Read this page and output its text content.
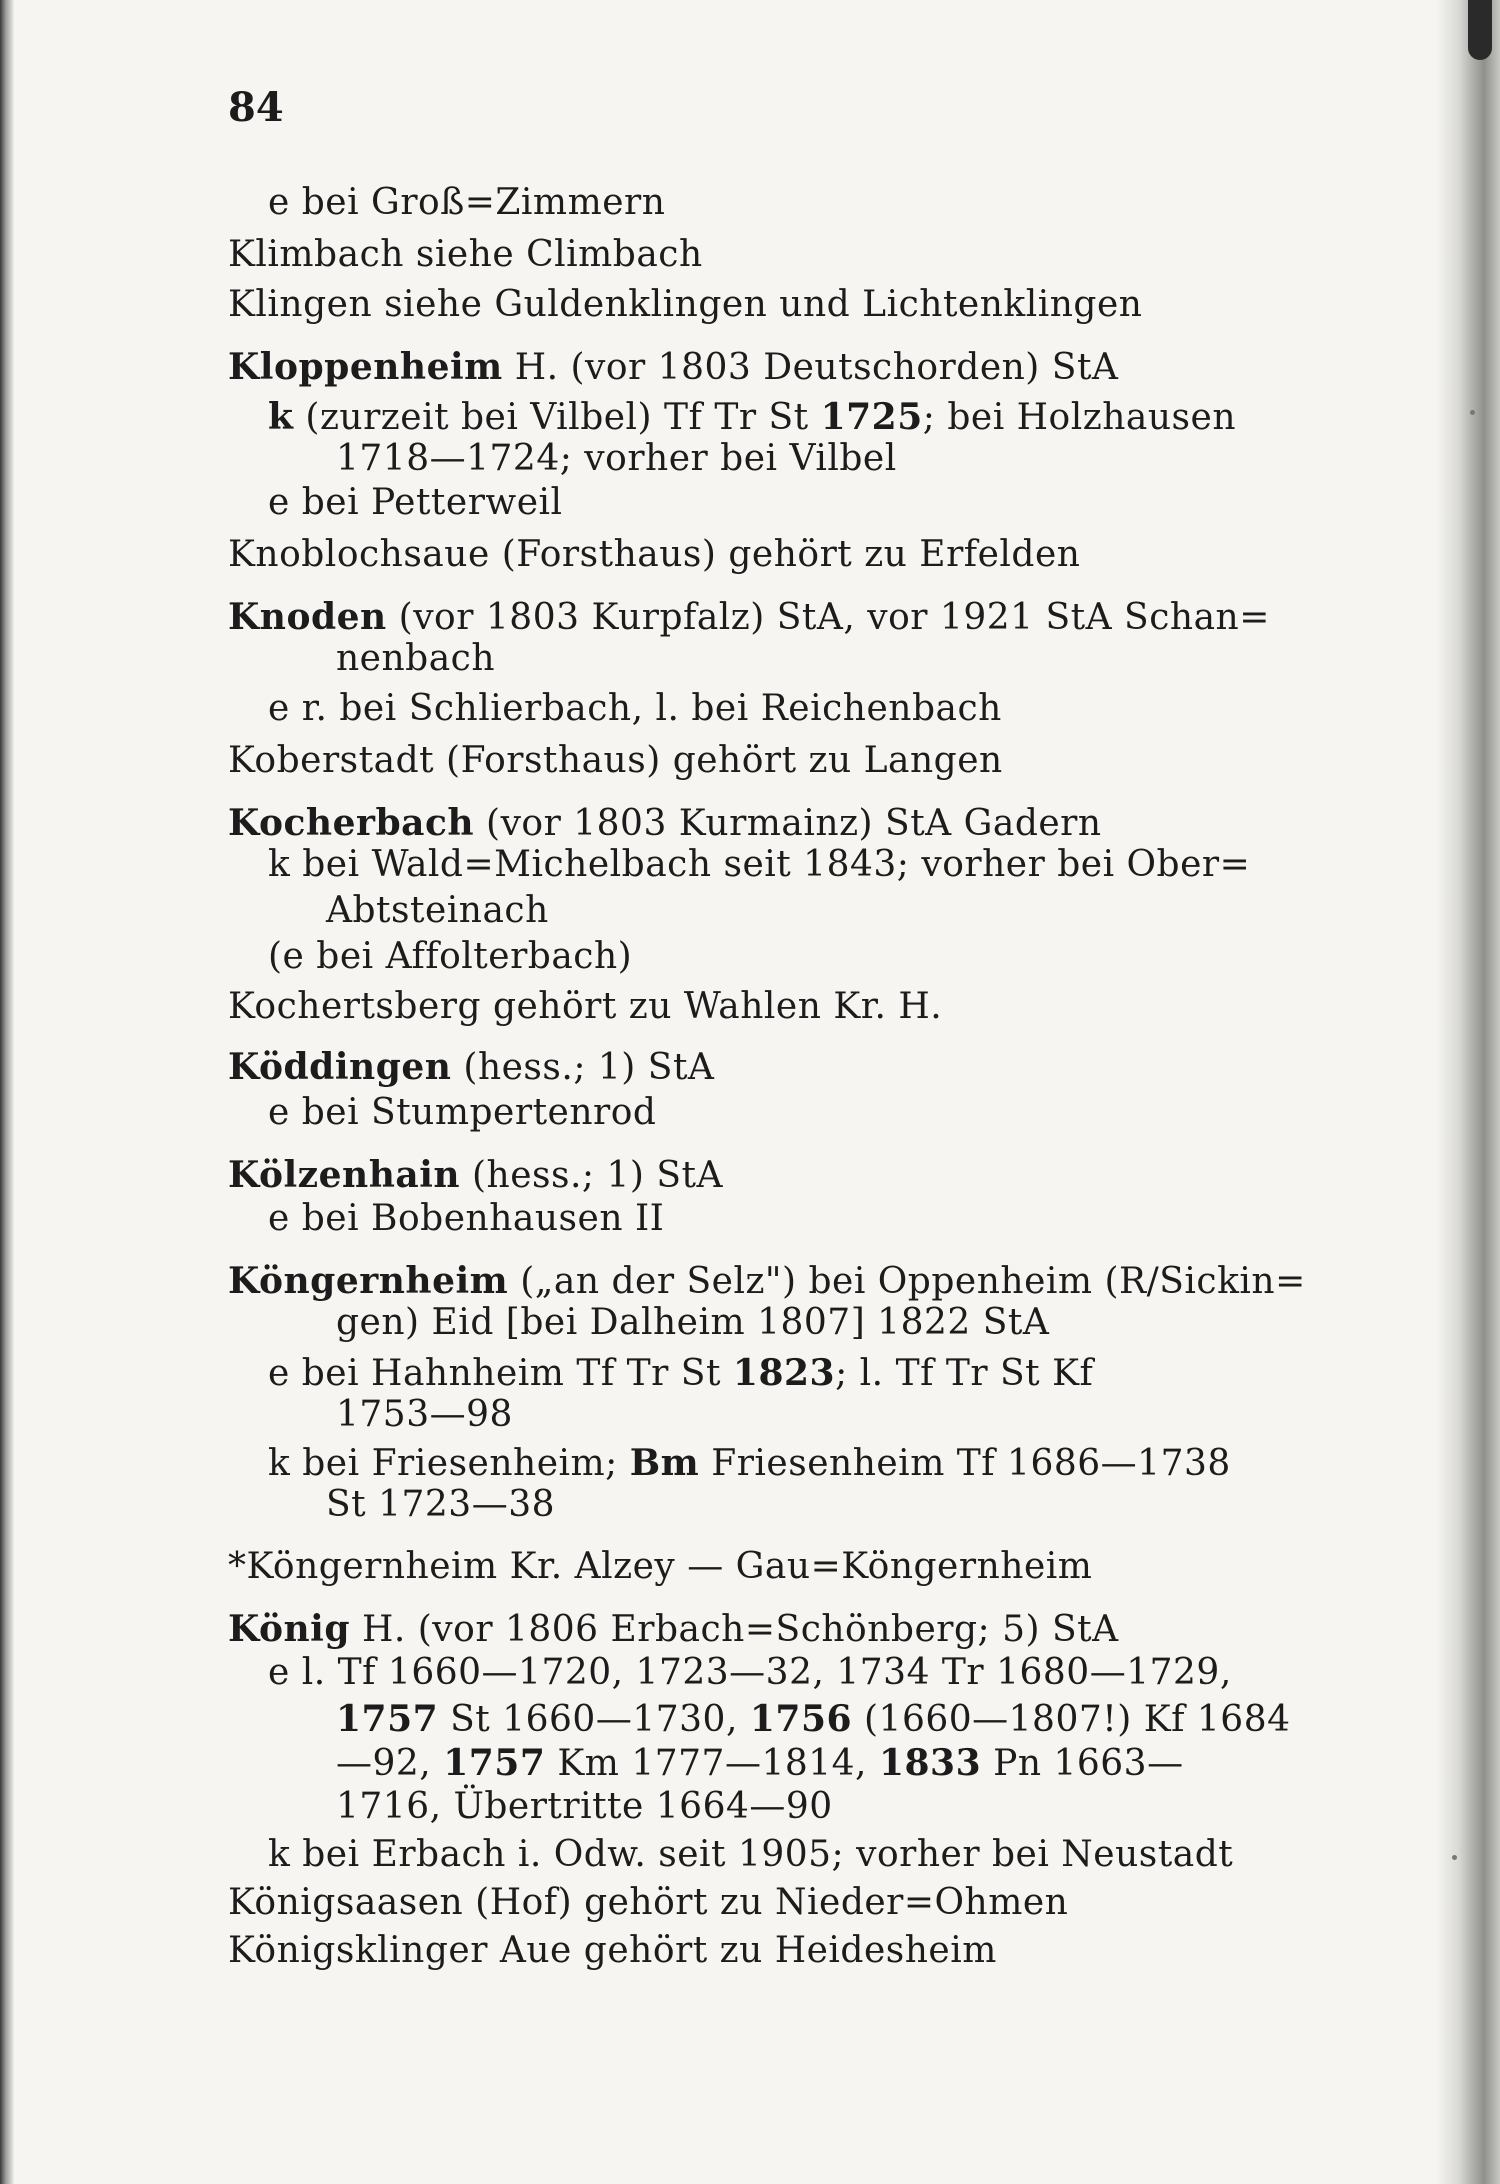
84
e bei Groß=Zimmern
Klimbach siehe Climbach
Klingen siehe Guldenklingen und Lichtenklingen
Kloppenheim H. (vor 1803 Deutschorden) StA
k (zurzeit bei Vilbel) Tf Tr St 1725; bei Holzhausen
1718—1724; vorher bei Vilbel
e bei Petterweil
Knoblochsaue (Forsthaus) gehört zu Erfelden
Knoden (vor 1803 Kurpfalz) StA, vor 1921 StA Schan=
nenbach
e r. bei Schlierbach, l. bei Reichenbach
Koberstadt (Forsthaus) gehört zu Langen
Kocherbach (vor 1803 Kurmainz) StA Gadern
k bei Wald=Michelbach seit 1843; vorher bei Ober=
Abtsteinach
(e bei Affolterbach)
Kochertsberg gehört zu Wahlen Kr. H.
Köddingen (hess.; 1) StA
e bei Stumpertenrod
Kölzenhain (hess.; 1) StA
e bei Bobenhausen II
Köngernheim („an der Selz") bei Oppenheim (R/Sickin=
gen) Eid [bei Dalheim 1807] 1822 StA
e bei Hahnheim Tf Tr St 1823; l. Tf Tr St Kf
1753—98
k bei Friesenheim; Bm Friesenheim Tf 1686—1738
St 1723—38
*Köngernheim Kr. Alzey — Gau=Köngernheim
König H. (vor 1806 Erbach=Schönberg; 5) StA
e l. Tf 1660—1720, 1723—32, 1734 Tr 1680—1729,
1757 St 1660—1730, 1756 (1660—1807!) Kf 1684
—92, 1757 Km 1777—1814, 1833 Pn 1663—
1716, Übertritte 1664—90
k bei Erbach i. Odw. seit 1905; vorher bei Neustadt
Königsaasen (Hof) gehört zu Nieder=Ohmen
Königsklinger Aue gehört zu Heidesheim
